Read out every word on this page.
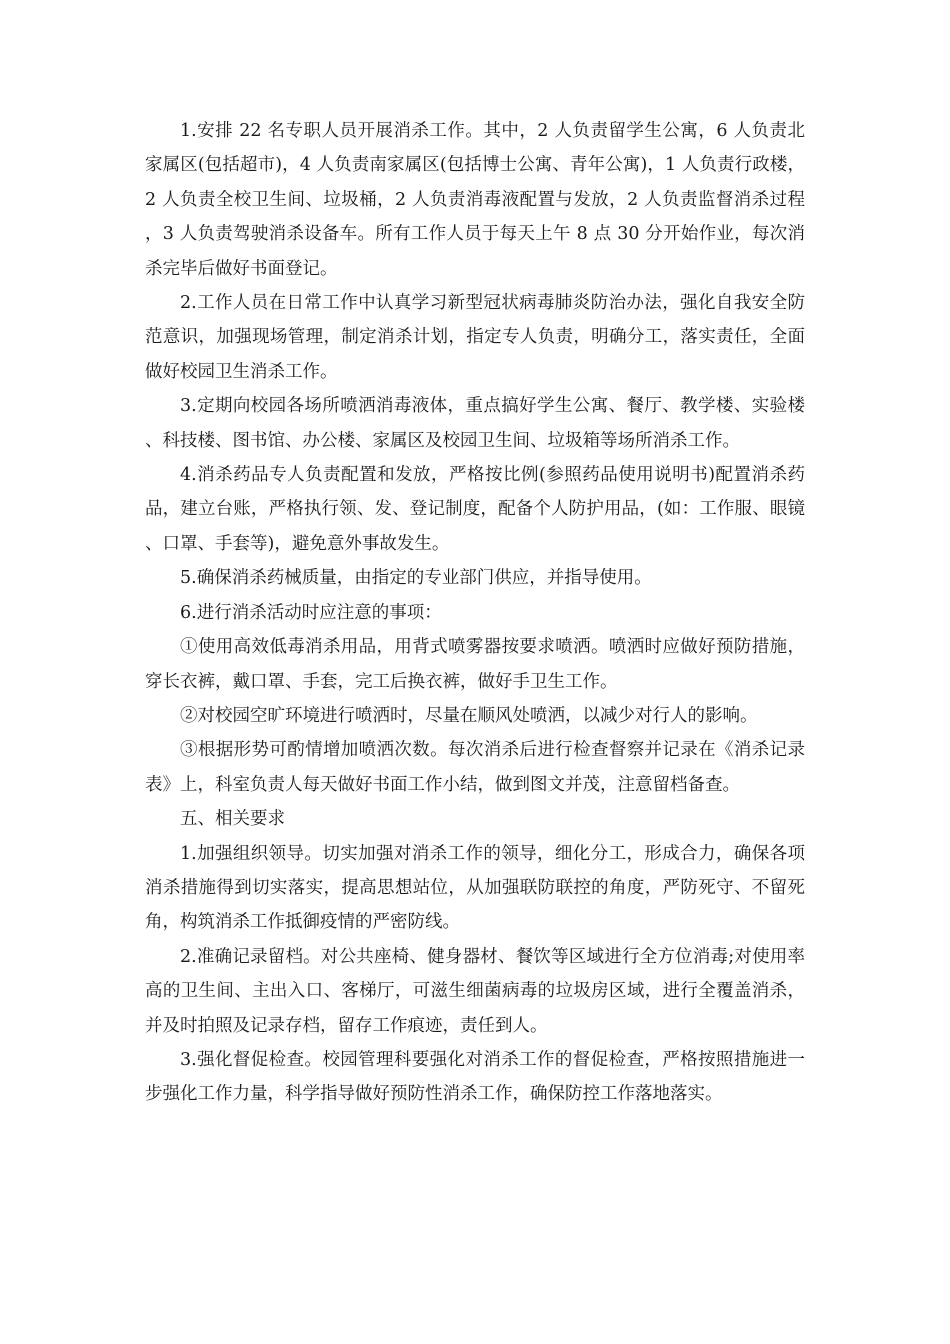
1.安排 22 名专职人员开展消杀工作。其中，2 人负责留学生公寓，6 人负责北家属区(包括超市)，4 人负责南家属区(包括博士公寓、青年公寓)，1 人负责行政楼，2 人负责全校卫生间、垃圾桶，2 人负责消毒液配置与发放，2 人负责监督消杀过程，3 人负责驾驶消杀设备车。所有工作人员于每天上午 8 点 30 分开始作业，每次消杀完毕后做好书面登记。

2.工作人员在日常工作中认真学习新型冠状病毒肺炎防治办法，强化自我安全防范意识，加强现场管理，制定消杀计划，指定专人负责，明确分工，落实责任，全面做好校园卫生消杀工作。

3.定期向校园各场所喷洒消毒液体，重点搞好学生公寓、餐厅、教学楼、实验楼、科技楼、图书馆、办公楼、家属区及校园卫生间、垃圾箱等场所消杀工作。

4.消杀药品专人负责配置和发放，严格按比例(参照药品使用说明书)配置消杀药品，建立台账，严格执行领、发、登记制度，配备个人防护用品，(如：工作服、眼镜、口罩、手套等)，避免意外事故发生。

5.确保消杀药械质量，由指定的专业部门供应，并指导使用。

6.进行消杀活动时应注意的事项：

①使用高效低毒消杀用品，用背式喷雾器按要求喷洒。喷洒时应做好预防措施，穿长衣裤，戴口罩、手套，完工后换衣裤，做好手卫生工作。

②对校园空旷环境进行喷洒时，尽量在顺风处喷洒，以减少对行人的影响。

③根据形势可酌情增加喷洒次数。每次消杀后进行检查督察并记录在《消杀记录表》上，科室负责人每天做好书面工作小结，做到图文并茂，注意留档备查。

五、相关要求

1.加强组织领导。切实加强对消杀工作的领导，细化分工，形成合力，确保各项消杀措施得到切实落实，提高思想站位，从加强联防联控的角度，严防死守、不留死角，构筑消杀工作抵御疫情的严密防线。

2.准确记录留档。对公共座椅、健身器材、餐饮等区域进行全方位消毒;对使用率高的卫生间、主出入口、客梯厅，可滋生细菌病毒的垃圾房区域，进行全覆盖消杀，并及时拍照及记录存档，留存工作痕迹，责任到人。

3.强化督促检查。校园管理科要强化对消杀工作的督促检查，严格按照措施进一步强化工作力量，科学指导做好预防性消杀工作，确保防控工作落地落实。
